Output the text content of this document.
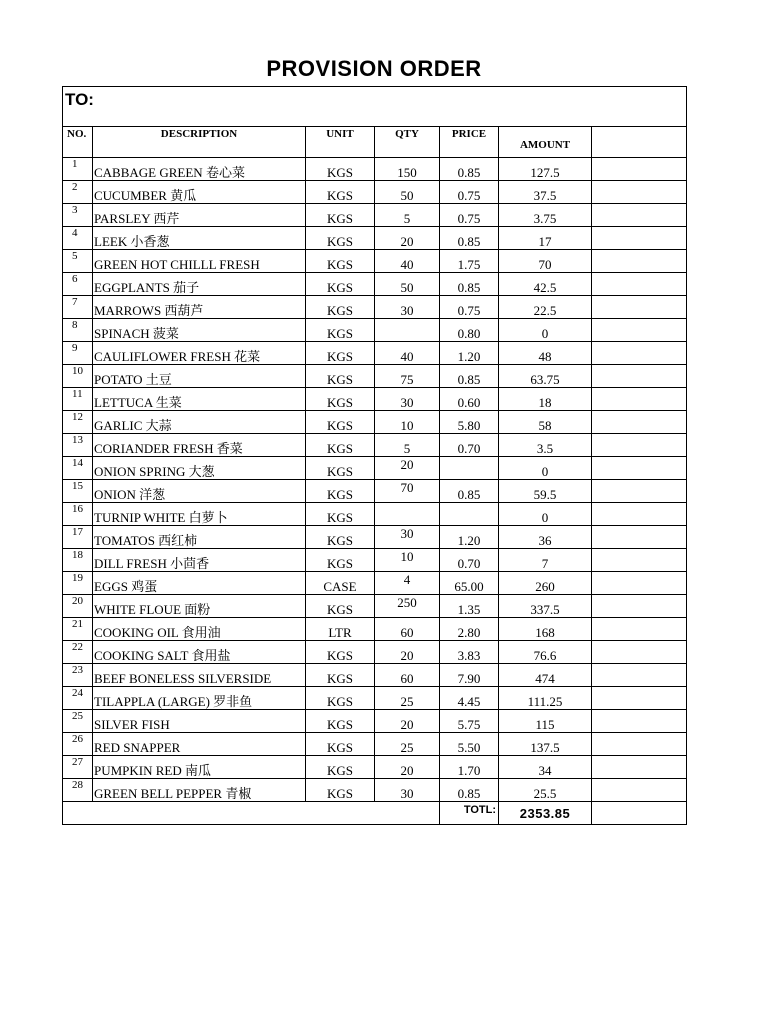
PROVISION ORDER
TO:						
NO.	DESCRIPTION	UNIT	QTY	PRICE	AMOUNT	
1	CABBAGE GREEN 卷心菜	KGS	150	0.85	127.5	
2	CUCUMBER 黄瓜	KGS	50	0.75	37.5	
3	PARSLEY 西芹	KGS	5	0.75	3.75	
4	LEEK 小香葱	KGS	20	0.85	17	
5	GREEN HOT CHILLL FRESH	KGS	40	1.75	70	
6	EGGPLANTS 茄子	KGS	50	0.85	42.5	
7	MARROWS 西葫芦	KGS	30	0.75	22.5	
8	SPINACH 菠菜	KGS		0.80	0	
9	CAULIFLOWER FRESH 花菜	KGS	40	1.20	48	
10	POTATO 土豆	KGS	75	0.85	63.75	
11	LETTUCA 生菜	KGS	30	0.60	18	
12	GARLIC 大蒜	KGS	10	5.80	58	
13	CORIANDER FRESH 香菜	KGS	5	0.70	3.5	
14	ONION SPRING 大葱	KGS	20		0	
15	ONION 洋葱	KGS	70	0.85	59.5	
16	TURNIP WHITE 白萝卜	KGS			0	
17	TOMATOS 西红柿	KGS	30	1.20	36	
18	DILL FRESH 小茴香	KGS	10	0.70	7	
19	EGGS 鸡蛋	CASE	4	65.00	260	
20	WHITE FLOUE 面粉	KGS	250	1.35	337.5	
21	COOKING OIL 食用油	LTR	60	2.80	168	
22	COOKING SALT 食用盐	KGS	20	3.83	76.6	
23	BEEF BONELESS SILVERSIDE	KGS	60	7.90	474	
24	TILAPPLA (LARGE) 罗非鱼	KGS	25	4.45	111.25	
25	SILVER FISH	KGS	20	5.75	115	
26	RED SNAPPER	KGS	25	5.50	137.5	
27	PUMPKIN RED 南瓜	KGS	20	1.70	34	
28	GREEN BELL PEPPER 青椒	KGS	30	0.85	25.5	
				TOTL:	2353.85	
